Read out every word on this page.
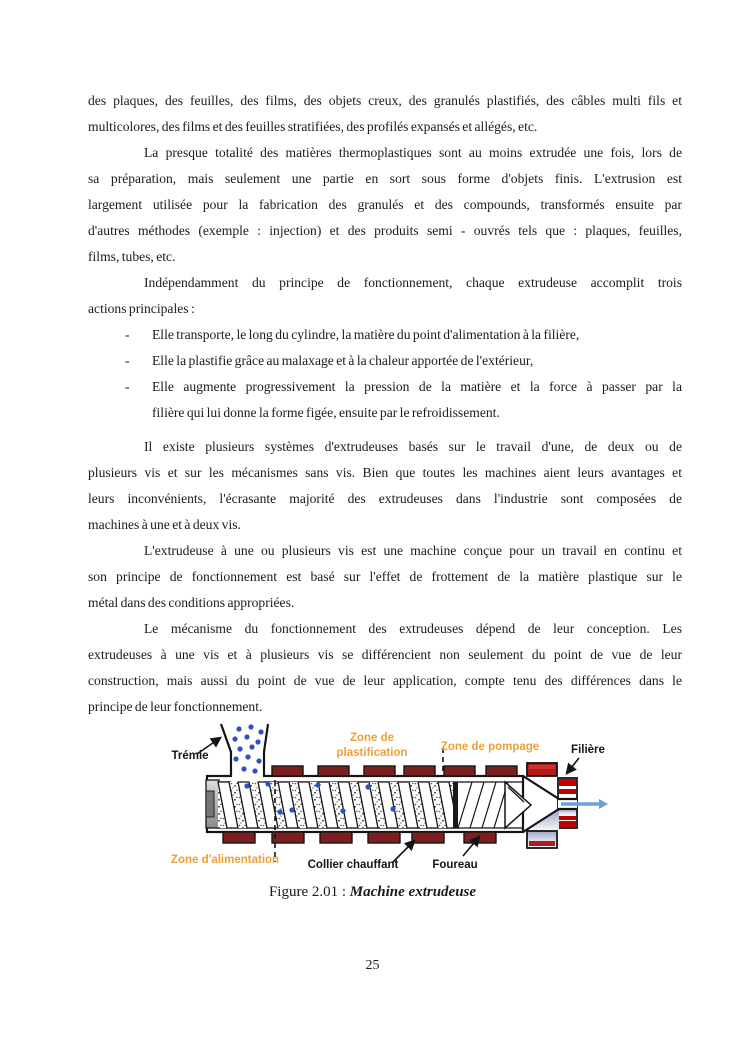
des plaques, des feuilles, des films, des objets creux, des granulés plastifiés, des câbles multi fils et
multicolores, des films et des feuilles stratifiées, des profilés expansés et allégés, etc.
La presque totalité des matières thermoplastiques sont au moins extrudée une fois, lors de
sa préparation, mais seulement une partie en sort sous forme d'objets finis. L'extrusion est
largement utilisée pour la fabrication des granulés et des compounds, transformés ensuite par
d'autres méthodes (exemple : injection) et des produits semi - ouvrés tels que : plaques, feuilles,
films, tubes, etc.
Indépendamment du principe de fonctionnement, chaque extrudeuse accomplit trois
actions principales :
Elle transporte, le long du cylindre, la matière du point d'alimentation à la filière,
-
Elle la plastifie grâce au malaxage et à la chaleur apportée de l'extérieur,
-
Elle augmente progressivement la pression de la matière et la force à passer par la
-
filière qui lui donne la forme figée, ensuite par le refroidissement.
Il existe plusieurs systèmes d'extrudeuses basés sur le travail d'une, de deux ou de
plusieurs vis et sur les mécanismes sans vis. Bien que toutes les machines aient leurs avantages et
leurs inconvénients, l'écrasante majorité des extrudeuses dans l'industrie sont composées de
machines à une et à deux vis.
L'extrudeuse à une ou plusieurs vis est une machine conçue pour un travail en continu et
son principe de fonctionnement est basé sur l'effet de frottement de la matière plastique sur le
métal dans des conditions appropriées.
Le mécanisme du fonctionnement des extrudeuses dépend de leur conception. Les
extrudeuses à une vis et à plusieurs vis se différencient non seulement du point de vue de leur
construction, mais aussi du point de vue de leur application, compte tenu des différences dans le
principe de leur fonctionnement.
Trémie
Zone de
plastification	Zone de pompage	Filière
Zone d'alimentation Collier chauffant	Foureau
Figure 2.01 : Machine extrudeuse
25
